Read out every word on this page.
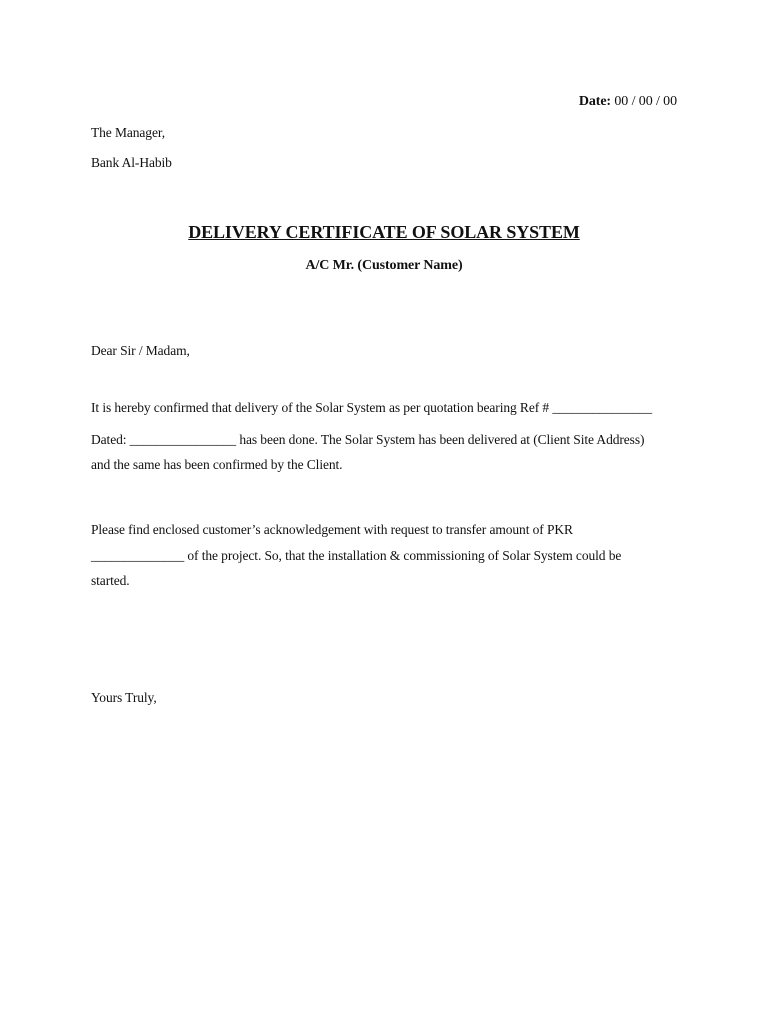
Date: 00 / 00 / 00
The Manager,
Bank Al-Habib
DELIVERY CERTIFICATE OF SOLAR SYSTEM
A/C Mr. (Customer Name)
Dear Sir / Madam,
It is hereby confirmed that delivery of the Solar System as per quotation bearing Ref # _______________
Dated: ________________ has been done. The Solar System has been delivered at (Client Site Address)
and the same has been confirmed by the Client.
Please find enclosed customer’s acknowledgement with request to transfer amount of PKR
______________ of the project. So, that the installation & commissioning of Solar System could be
started.
Yours Truly,
